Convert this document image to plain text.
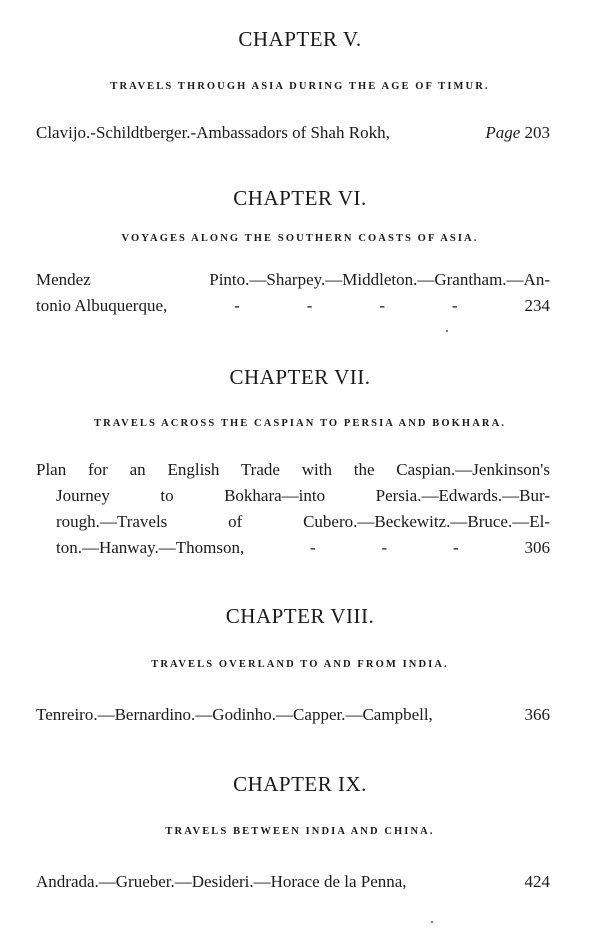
CHAPTER V.
TRAVELS THROUGH ASIA DURING THE AGE OF TIMUR.
Clavijo.-Schildtberger.-Ambassadors of Shah Rokh,	Page 203
CHAPTER VI.
VOYAGES ALONG THE SOUTHERN COASTS OF ASIA.
Mendez Pinto.—Sharpey.—Middleton.—Grantham.—An-
tonio Albuquerque,	-	-	-	-	234
CHAPTER VII.
TRAVELS ACROSS THE CASPIAN TO PERSIA AND BOKHARA.
Plan for an English Trade with the Caspian.—Jenkinson's
Journey to Bokhara—into Persia.—Edwards.—Bur-
rough.—Travels of Cubero.—Beckewitz.—Bruce.—El-
ton.—Hanway.—Thomson,	-	-	-	306
CHAPTER VIII.
TRAVELS OVERLAND TO AND FROM INDIA.
Tenreiro.—Bernardino.—Godinho.—Capper.—Campbell,	366
CHAPTER IX.
TRAVELS BETWEEN INDIA AND CHINA.
Andrada.—Grueber.—Desideri.—Horace de la Penna,	424
